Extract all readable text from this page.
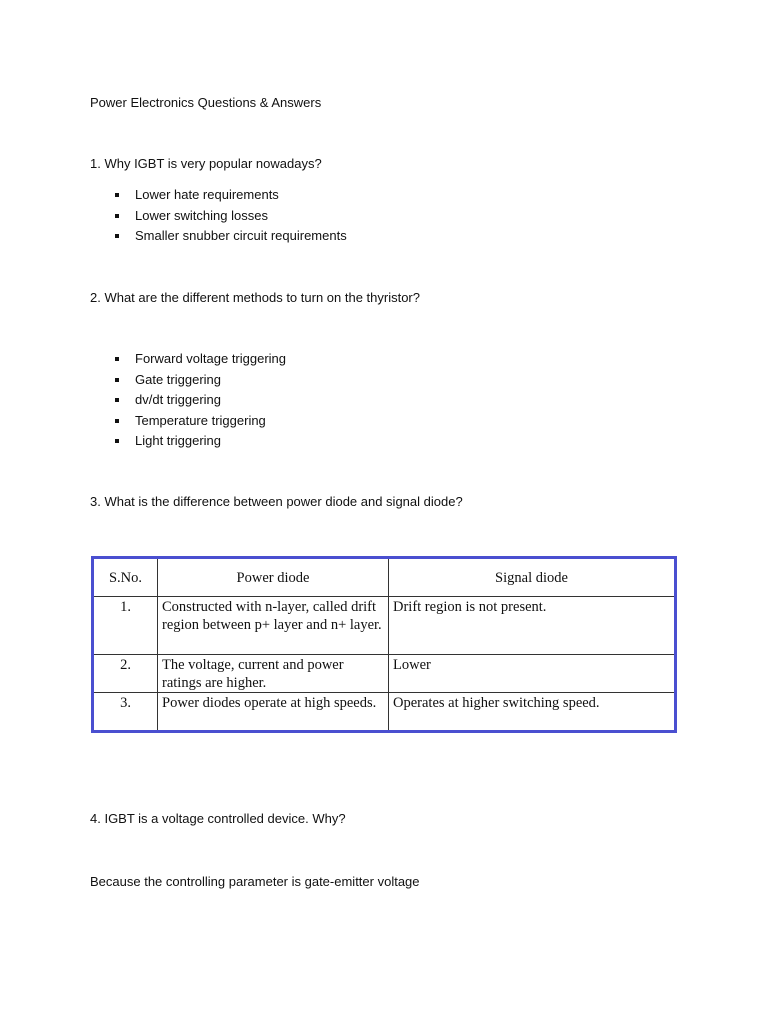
Power Electronics Questions & Answers
1. Why IGBT is very popular nowadays?
Lower hate requirements
Lower switching losses
Smaller snubber circuit requirements
2. What are the different methods to turn on the thyristor?
Forward voltage triggering
Gate triggering
dv/dt triggering
Temperature triggering
Light triggering
3. What is the difference between power diode and signal diode?
S.No.	Power diode	Signal diode
1.	Constructed with n-layer, called drift region between p+ layer and n+ layer.	Drift region is not present.
2.	The voltage, current and power ratings are higher.	Lower
3.	Power diodes operate at high speeds.	Operates at higher switching speed.
4. IGBT is a voltage controlled device. Why?
Because the controlling parameter is gate-emitter voltage
